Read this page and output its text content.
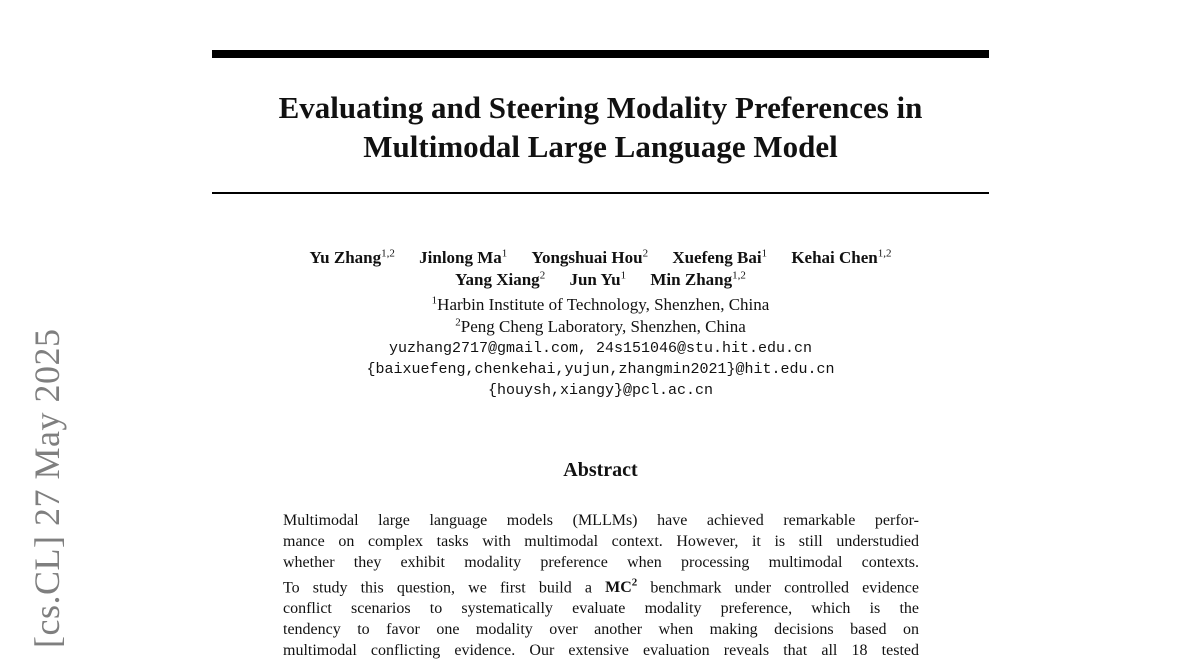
[cs.CL] 27 May 2025
Evaluating and Steering Modality Preferences in
Multimodal Large Language Model
Yu Zhang$^{1,2}$ Jinlong Ma$^1$ Yongshuai Hou$^2$ Xuefeng Bai$^1$ Kehai Chen$^{1,2}$
Yang Xiang$^2$ Jun Yu$^1$ Min Zhang$^{1,2}$
$^1$Harbin Institute of Technology, Shenzhen, China
$^2$Peng Cheng Laboratory, Shenzhen, China
yuzhang2717@gmail.com, 24s151046@stu.hit.edu.cn
{baixuefeng,chenkehai,yujun,zhangmin2021}@hit.edu.cn
{houysh,xiangy}@pcl.ac.cn
Abstract
Multimodal large language models (MLLMs) have achieved remarkable perfor-
mance on complex tasks with multimodal context. However, it is still understudied
whether they exhibit modality preference when processing multimodal contexts.
To study this question, we first build a $MC^2$ benchmark under controlled evidence
conflict scenarios to systematically evaluate modality preference, which is the
tendency to favor one modality over another when making decisions based on
multimodal conflicting evidence. Our extensive evaluation reveals that all 18 tested
